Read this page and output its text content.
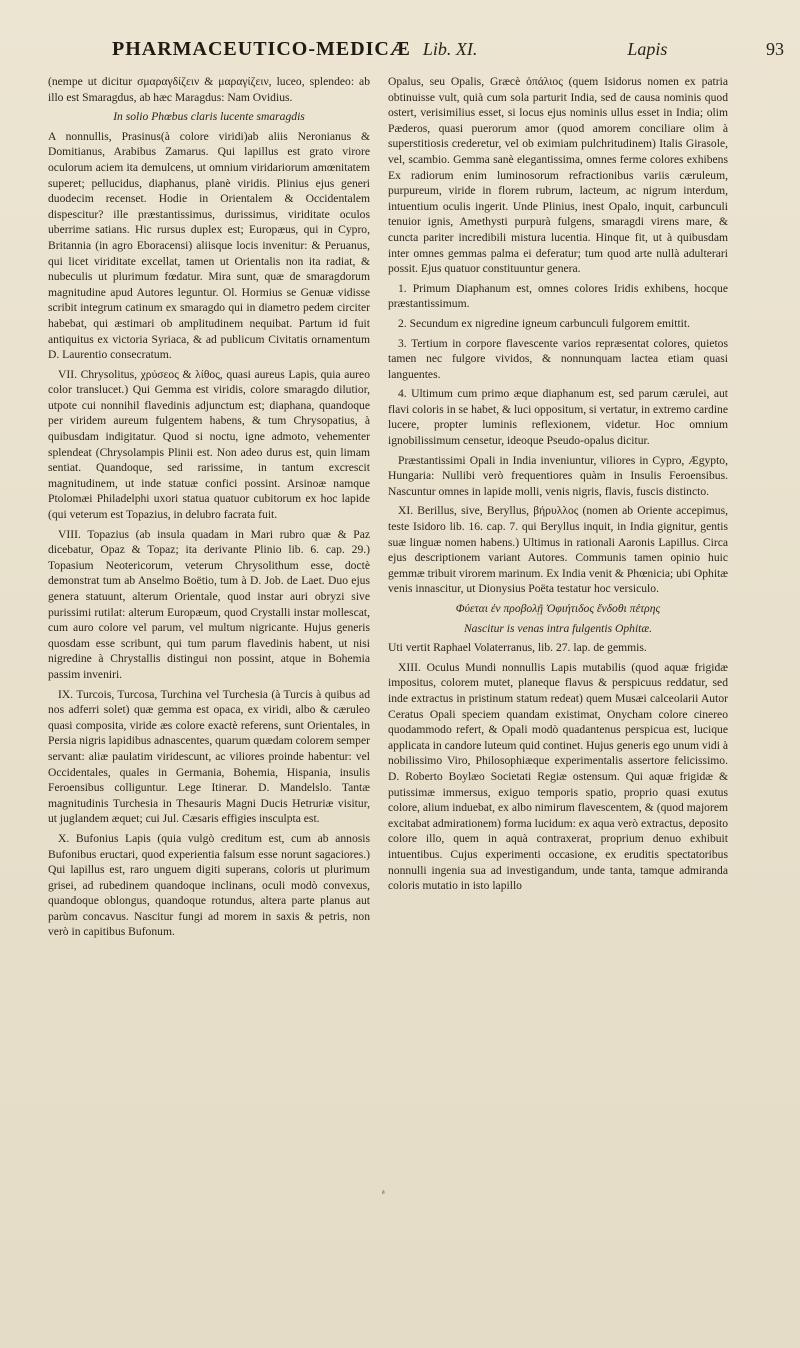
PHARMACEUTICO-MEDICÆ Lib. XI.	Lapis	93

(nempe ut dicitur σμαραγδίζειν & μαραγίζειν, luceo, splendeo: ab illo est Smaragdus, ab hæc Maragdus: Nam Ovidius.

In solio Phœbus claris lucente smaragdis

A nonnullis, Prasinus(à colore viridi)ab aliis Neronianus & Domitianus, Arabibus Zamarus. Qui lapillus est grato virore oculorum aciem ita demulcens, ut omnium viridariorum amœnitatem superet; pellucidus, diaphanus, planè viridis. Plinius ejus generi duodecim recenset. Hodie in Orientalem & Occidentalem dispescitur? ille præstantissimus, durissimus, viriditate oculos uberrime satians. Hic rursus duplex est; Europæus, qui in Cypro, Britannia (in agro Eboracensi) aliisque locis invenitur: & Peruanus, qui licet viriditate excellat, tamen ut Orientalis non ita radiat, & nubeculis ut plurimum fœdatur. Mira sunt, quæ de smaragdorum magnitudine apud Autores leguntur. Ol. Hormius se Genuæ vidisse scribit integrum catinum ex smaragdo qui in diametro pedem circiter habebat, qui æstimari ob amplitudinem nequibat. Partum id fuit antiquitus ex victoria Syriaca, & ad publicum Civitatis ornamentum D. Laurentio consecratum.

VII. Chrysolitus, χρύσεος & λίθος, quasi aureus Lapis, quia aureo color translucet.) Qui Gemma est viridis, colore smaragdo dilutior, utpote cui nonnihil flavedinis adjunctum est; diaphana, quandoque per viridem aureum fulgentem habens, & tum Chrysopatius, à quibusdam indigitatur. Quod si noctu, igne admoto, vehementer splendeat (Chrysolampis Plinii est. Non adeo durus est, quin limam sentiat. Quandoque, sed rarissime, in tantum excrescit magnitudinem, ut inde statuæ confici possint. Arsinoæ namque Ptolomæi Philadelphi uxori statua quatuor cubitorum ex hoc lapide (qui veterum est Topazius, in delubro facrata fuit.

VIII. Topazius (ab insula quadam in Mari rubro quæ & Paz dicebatur, Opaz & Topaz; ita derivante Plinio lib. 6. cap. 29.) Topasium Neotericorum, veterum Chrysolithum esse, doctè demonstrat tum ab Anselmo Boëtio, tum à D. Job. de Laet. Duo ejus genera statuunt, alterum Orientale, quod instar auri obryzi sive purissimi rutilat: alterum Europæum, quod Crystalli instar mollescat, cum auro colore vel parum, vel multum nigricante. Hujus generis quosdam esse scribunt, qui tum parum flavedinis habent, ut nisi nigredine à Chrystallis distingui non possint, atque in Bohemia passim inveniri.

IX. Turcois, Turcosa, Turchina vel Turchesia (à Turcis à quibus ad nos adferri solet) quæ gemma est opaca, ex viridi, albo & cæruleo quasi composita, viride æs colore exactè referens, sunt Orientales, in Persia nigris lapidibus adnascentes, quarum quædam colorem semper servant: aliæ paulatim viridescunt, ac viliores proinde habentur: vel Occidentales, quales in Germania, Bohemia, Hispania, insulis Feroensibus colliguntur. Lege Itinerar. D. Mandelslo. Tantæ magnitudinis Turchesia in Thesauris Magni Ducis Hetruriæ visitur, ut juglandem æquet; cui Jul. Cæsaris effigies insculpta est.

X. Bufonius Lapis (quia vulgò creditum est, cum ab annosis Bufonibus eructari, quod experientia falsum esse norunt sagaciores.) Qui lapillus est, raro unguem digiti superans, coloris ut plurimum grisei, ad rubedinem quandoque inclinans, oculi modò convexus, quandoque oblongus, quandoque rotundus, altera parte planus aut parùm concavus. Nascitur fungi ad morem in saxis & petris, non verò in capitibus Bufonum.

ᵃ

Opalus, seu Opalis, Græcè ὀπάλιος (quem Isidorus nomen ex patria obtinuisse vult, quià cum sola parturit India, sed de causa nominis quod ostert, verisimilius esset, si locus ejus nominis ullus esset in India; olim Pæderos, quasi puerorum amor (quod amorem conciliare olim à superstitiosis crederetur, vel ob eximiam pulchritudinem) Italis Girasole, vel, scambio. Gemma sanè elegantissima, omnes ferme colores exhibens Ex radiorum enim luminosorum refractionibus variis cæruleum, purpureum, viride in florem rubrum, lacteum, ac nigrum interdum, intuentium oculis ingerit. Unde Plinius, inest Opalo, inquit, carbunculi tenuior ignis, Amethysti purpurà fulgens, smaragdi virens mare, & cuncta pariter incredibili mistura lucentia. Hinque fit, ut à quibusdam inter omnes gemmas palma ei deferatur; tum quod arte nullà adulterari possit. Ejus quatuor constituuntur genera.

1. Primum Diaphanum est, omnes colores Iridis exhibens, hocque præstantissimum.

2. Secundum ex nigredine igneum carbunculi fulgorem emittit.

3. Tertium in corpore flavescente varios repræsentat colores, quietos tamen nec fulgore vividos, & nonnunquam lactea etiam quasi languentes.

4. Ultimum cum primo æque diaphanum est, sed parum cærulei, aut flavi coloris in se habet, & luci oppositum, si vertatur, in extremo cardine lucere, propter luminis reflexionem, videtur. Hoc omnium ignobilissimum censetur, ideoque Pseudo-opalus dicitur.

Præstantissimi Opali in India inveniuntur, viliores in Cypro, Ægypto, Hungaria: Nullibi verò frequentiores quàm in Insulis Feroensibus. Nascuntur omnes in lapide molli, venis nigris, flavis, fuscis distincto.

XI. Berillus, sive, Beryllus, βήρυλλος (nomen ab Oriente accepimus, teste Isidoro lib. 16. cap. 7. qui Beryllus inquit, in India gignitur, gentis suæ linguæ nomen habens.) Ultimus in rationali Aaronis Lapillus. Circa ejus descriptionem variant Autores. Communis tamen opinio huic gemmæ tribuit virorem marinum. Ex India venit & Phœnicia; ubi Ophitæ venis innascitur, ut Dionysius Poëta testatur hoc versiculo.

Φύεται ἐν προβολῇ Ὀφιήτιδος ἔνδοθι πέτρης

Nascitur is venas intra fulgentis Ophitæ.

Uti vertit Raphael Volaterranus, lib. 27. lap. de gemmis.

XIII. Oculus Mundi nonnullis Lapis mutabilis (quod aquæ frigidæ impositus, colorem mutet, planeque flavus & perspicuus reddatur, sed inde extractus in pristinum statum redeat) quem Musæi calceolarii Autor Ceratus Opali speciem quandam existimat, Onycham colore cinereo quodammodo refert, & Opali modò quadantenus perspicua est, lucique applicata in candore luteum quid continet. Hujus generis ego unum vidi à nobilissimo Viro, Philosophiæque experimentalis assertore felicissimo. D. Roberto Boylæo Societati Regiæ ostensum. Qui aquæ frigidæ & putissimæ immersus, exiguo temporis spatio, proprio quasi exutus colore, alium induebat, ex albo nimirum flavescentem, & (quod majorem excitabat admirationem) forma lucidum: ex aqua verò extractus, deposito colore illo, quem in aquà contraxerat, proprium denuo exhibuit intuentibus. Cujus experimenti occasione, ex eruditis spectatoribus nonnulli ingenia sua ad investigandum, unde tanta, tamque admiranda coloris mutatio in isto lapillo
